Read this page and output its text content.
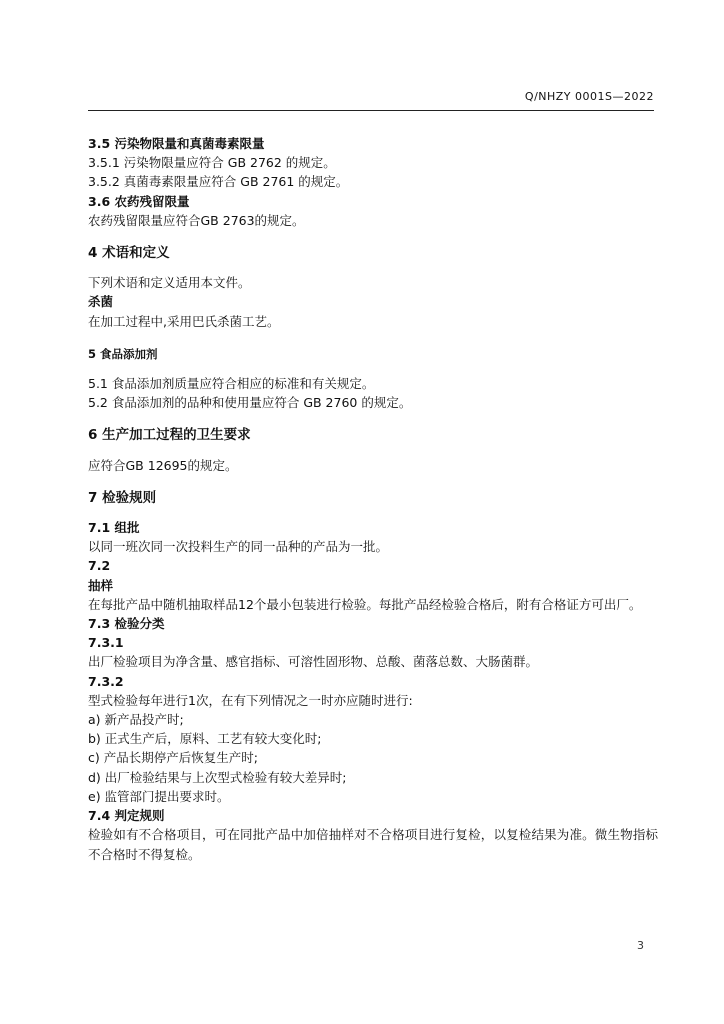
Q/NHZY 0001S—2022

3.5 污染物限量和真菌毒素限量

3.5.1 污染物限量应符合 GB 2762 的规定。

3.5.2 真菌毒素限量应符合 GB 2761 的规定。

3.6 农药残留限量

农药残留限量应符合GB 2763的规定。

4 术语和定义

下列术语和定义适用本文件。

杀菌

在加工过程中,采用巴氏杀菌工艺。

5 食品添加剂

5.1 食品添加剂质量应符合相应的标准和有关规定。

5.2 食品添加剂的品种和使用量应符合 GB 2760 的规定。

6 生产加工过程的卫生要求

应符合GB 12695的规定。

7 检验规则

7.1 组批

以同一班次同一次投料生产的同一品种的产品为一批。

7.2

抽样

在每批产品中随机抽取样品12个最小包装进行检验。每批产品经检验合格后，附有合格证方可出厂。

7.3 检验分类

7.3.1

出厂检验项目为净含量、感官指标、可溶性固形物、总酸、菌落总数、大肠菌群。

7.3.2

型式检验每年进行1次，在有下列情况之一时亦应随时进行:

a) 新产品投产时;

b) 正式生产后，原料、工艺有较大变化时;

c) 产品长期停产后恢复生产时;

d) 出厂检验结果与上次型式检验有较大差异时;

e) 监管部门提出要求时。

7.4 判定规则

检验如有不合格项目，可在同批产品中加倍抽样对不合格项目进行复检，以复检结果为准。微生物指标不合格时不得复检。

3
